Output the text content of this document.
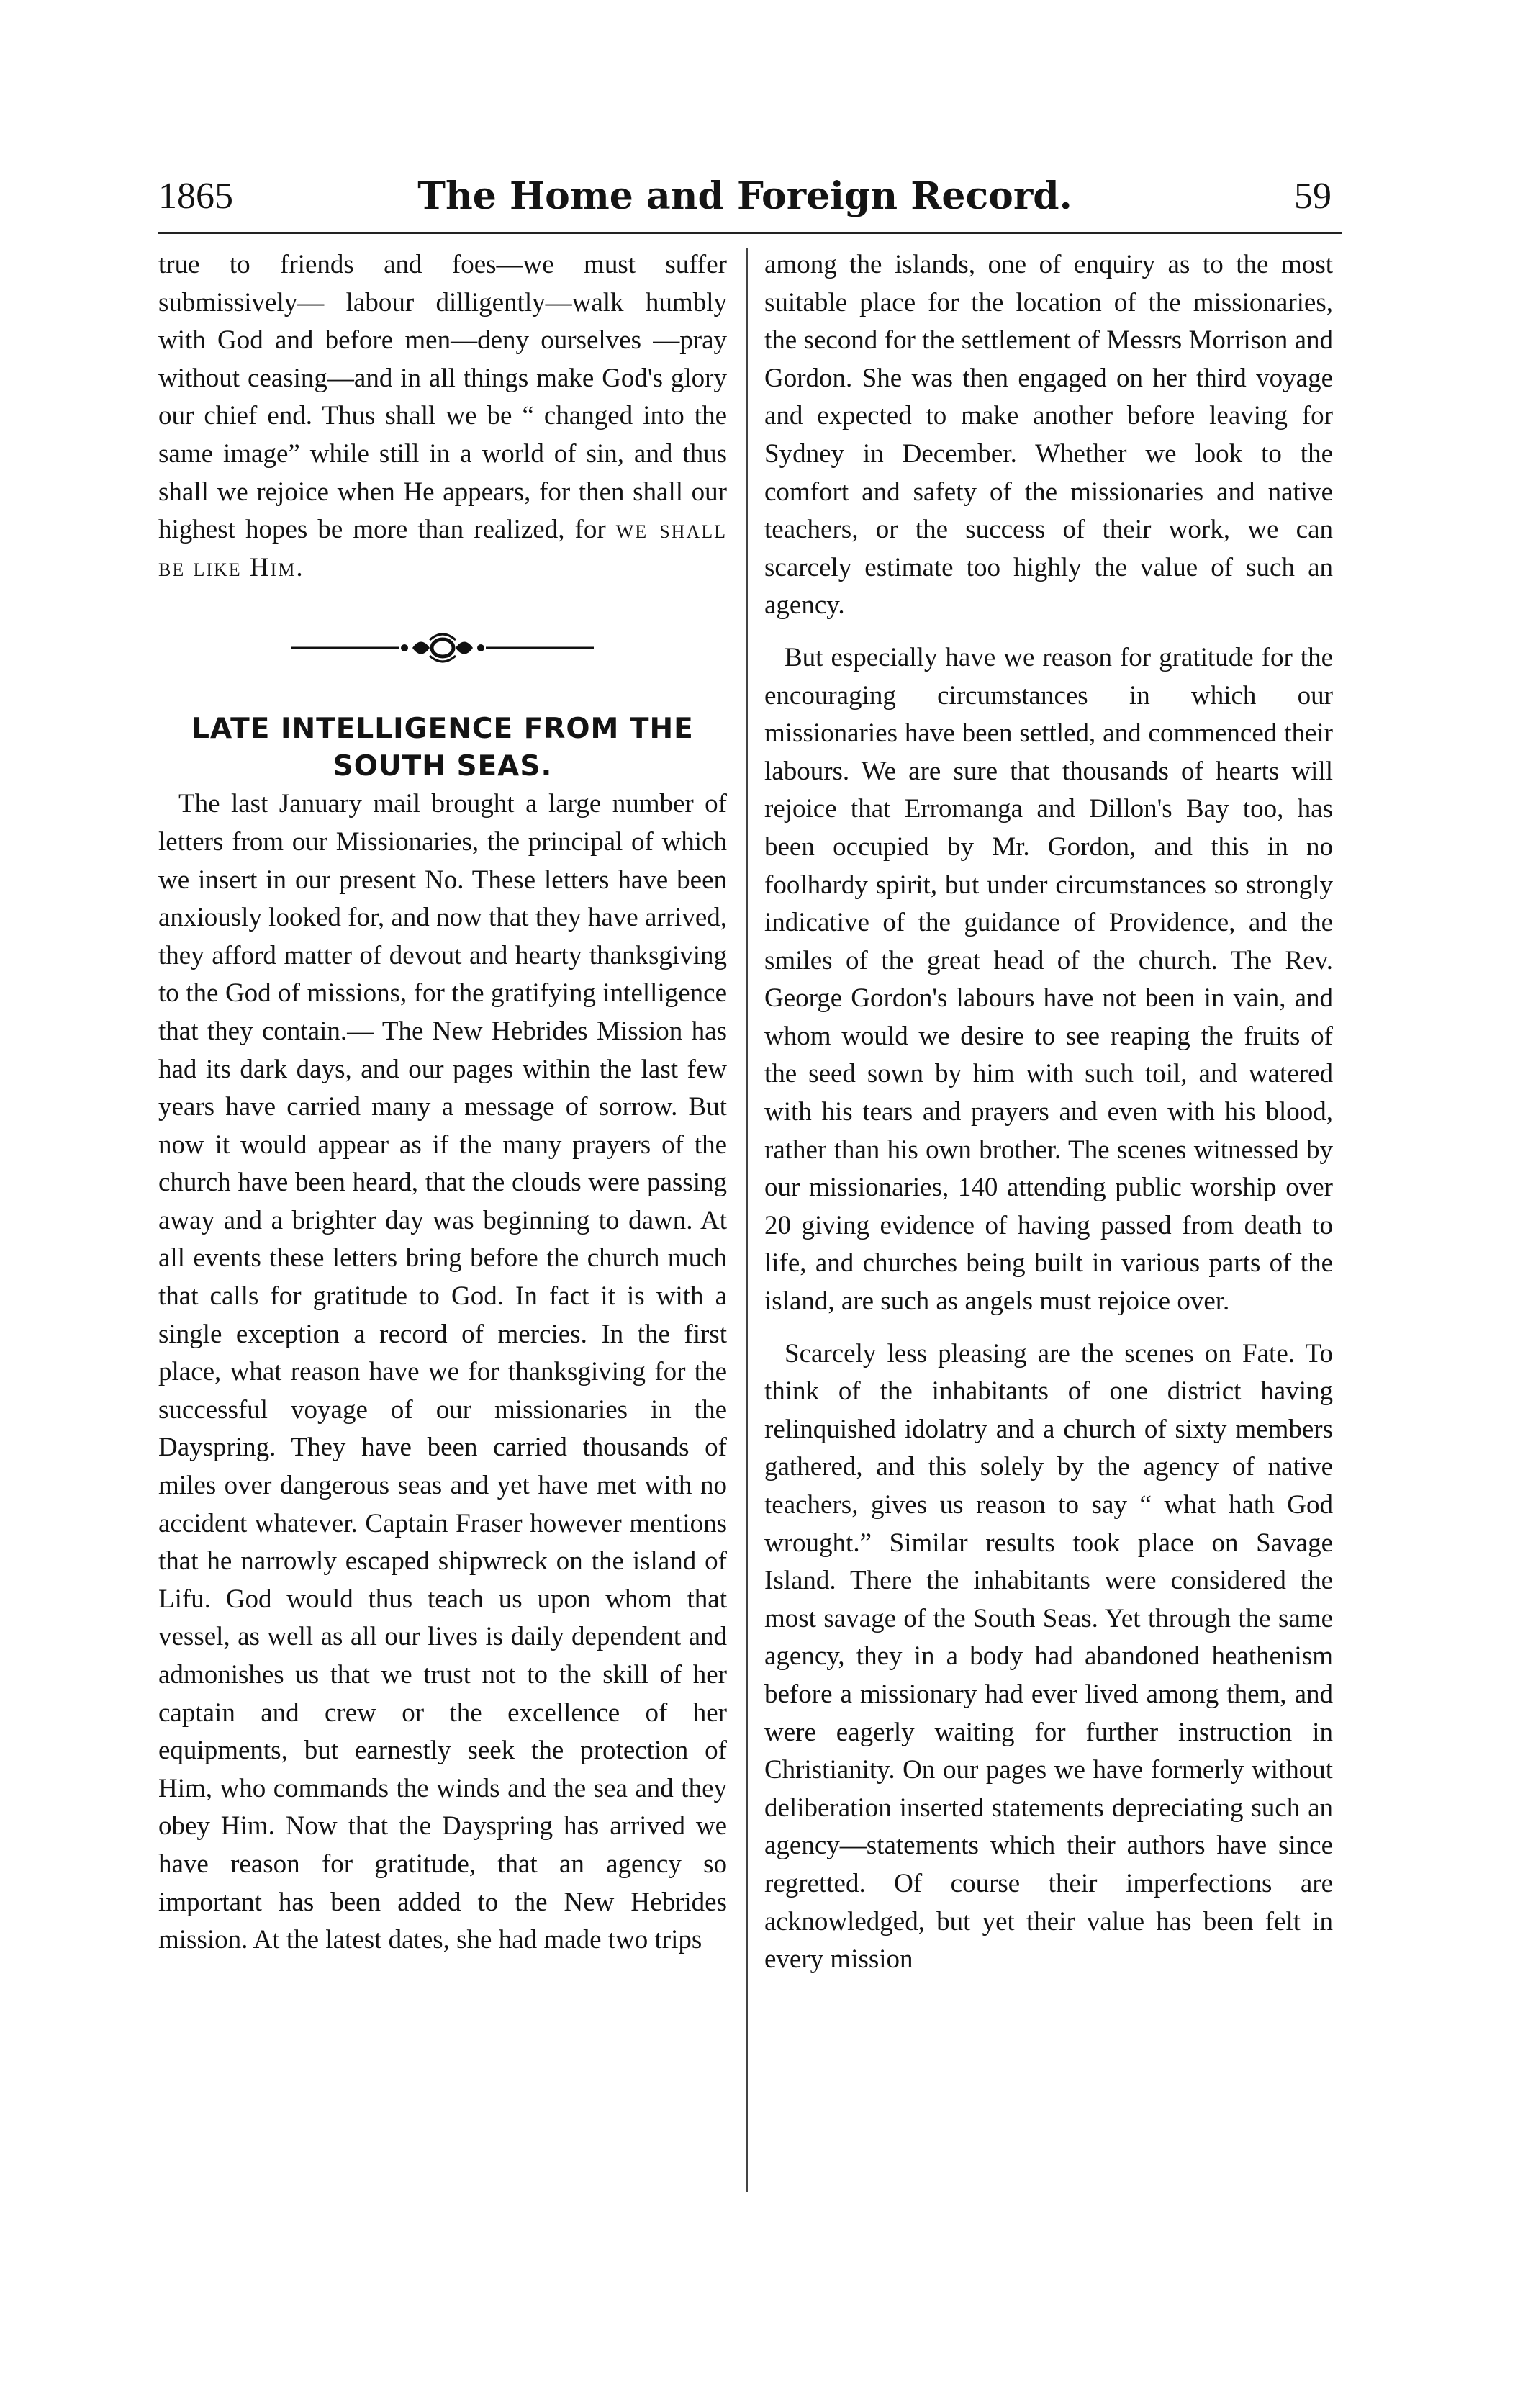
1865	The Home and Foreign Record.	59

true to friends and foes—we must suffer submissively— labour dilligently—walk humbly with God and before men—deny ourselves —pray without ceasing—and in all things make God's glory our chief end. Thus shall we be “ changed into the same image” while still in a world of sin, and thus shall we rejoice when He appears, for then shall our highest hopes be more than realized, for we shall be like Him.

LATE INTELLIGENCE FROM THE SOUTH SEAS.

The last January mail brought a large number of letters from our Missionaries, the principal of which we insert in our present No. These letters have been anxiously looked for, and now that they have arrived, they afford matter of devout and hearty thanksgiving to the God of missions, for the gratifying intelligence that they contain.— The New Hebrides Mission has had its dark days, and our pages within the last few years have carried many a message of sorrow. But now it would appear as if the many prayers of the church have been heard, that the clouds were passing away and a brighter day was beginning to dawn. At all events these letters bring before the church much that calls for gratitude to God. In fact it is with a single exception a record of mercies. In the first place, what reason have we for thanksgiving for the successful voyage of our missionaries in the Dayspring. They have been carried thousands of miles over dangerous seas and yet have met with no accident whatever. Captain Fraser however mentions that he narrowly escaped shipwreck on the island of Lifu. God would thus teach us upon whom that vessel, as well as all our lives is daily dependent and admonishes us that we trust not to the skill of her captain and crew or the excellence of her equipments, but earnestly seek the protection of Him, who commands the winds and the sea and they obey Him. Now that the Dayspring has arrived we have reason for gratitude, that an agency so important has been added to the New Hebrides mission. At the latest dates, she had made two trips

among the islands, one of enquiry as to the most suitable place for the location of the missionaries, the second for the settlement of Messrs Morrison and Gordon. She was then engaged on her third voyage and expected to make another before leaving for Sydney in December. Whether we look to the comfort and safety of the missionaries and native teachers, or the success of their work, we can scarcely estimate too highly the value of such an agency.

But especially have we reason for gratitude for the encouraging circumstances in which our missionaries have been settled, and commenced their labours. We are sure that thousands of hearts will rejoice that Erromanga and Dillon's Bay too, has been occupied by Mr. Gordon, and this in no foolhardy spirit, but under circumstances so strongly indicative of the guidance of Providence, and the smiles of the great head of the church. The Rev. George Gordon's labours have not been in vain, and whom would we desire to see reaping the fruits of the seed sown by him with such toil, and watered with his tears and prayers and even with his blood, rather than his own brother. The scenes witnessed by our missionaries, 140 attending public worship over 20 giving evidence of having passed from death to life, and churches being built in various parts of the island, are such as angels must rejoice over.

Scarcely less pleasing are the scenes on Fate. To think of the inhabitants of one district having relinquished idolatry and a church of sixty members gathered, and this solely by the agency of native teachers, gives us reason to say “ what hath God wrought.” Similar results took place on Savage Island. There the inhabitants were considered the most savage of the South Seas. Yet through the same agency, they in a body had abandoned heathenism before a missionary had ever lived among them, and were eagerly waiting for further instruction in Christianity. On our pages we have formerly without deliberation inserted statements depreciating such an agency—statements which their authors have since regretted. Of course their imperfections are acknowledged, but yet their value has been felt in every mission
